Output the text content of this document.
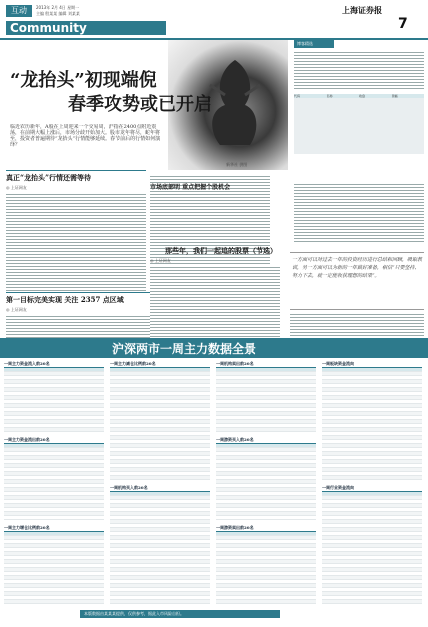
互动	2013年 2月 4日 星期一
主编 殷某某 编辑 刘某某
Community
上海证券报
7
“龙抬头”初现端倪
春季攻势或已开启
临近农历新年，A股在上周迎来一个交易周，沪指在2400点附近震荡，在前期大幅上涨后，市场分歧开始加大。股市龙年将尽，蛇年将至，投资者普遍期待“龙抬头”行情能够延续。春节前后的行情如何演绎？
新华社 供图
真正“龙抬头”行情还需等待
◎ 上证网友
第一目标完美实现 关注 2357 点区域
◎ 上证网友
市场底部明 重点把握个股机会
博客精选
代码	名称	收盘	涨幅
那些年，我们一起追的股票（节选）
◎ 上证网友	一方面可以对过去一年的投资经历进行总结和回顾，吸取教训，另一方面可以为新的一年做好准备，相信“只要坚持、努力下去，就一定能收获理想的结果”。
沪深两市一周主力数据全景
一周主力资金流入前20名
一周主力资金流出前20名
一周主力增仓比例前20名
一周主力减仓比例前20名
一周机构买入前20名
一周机构卖出前20名
一周游资买入前20名
一周游资卖出前20名
一周板块资金流向
一周行业资金流向
本版数据由某某某提供，仅供参考，据此入市风险自担。
